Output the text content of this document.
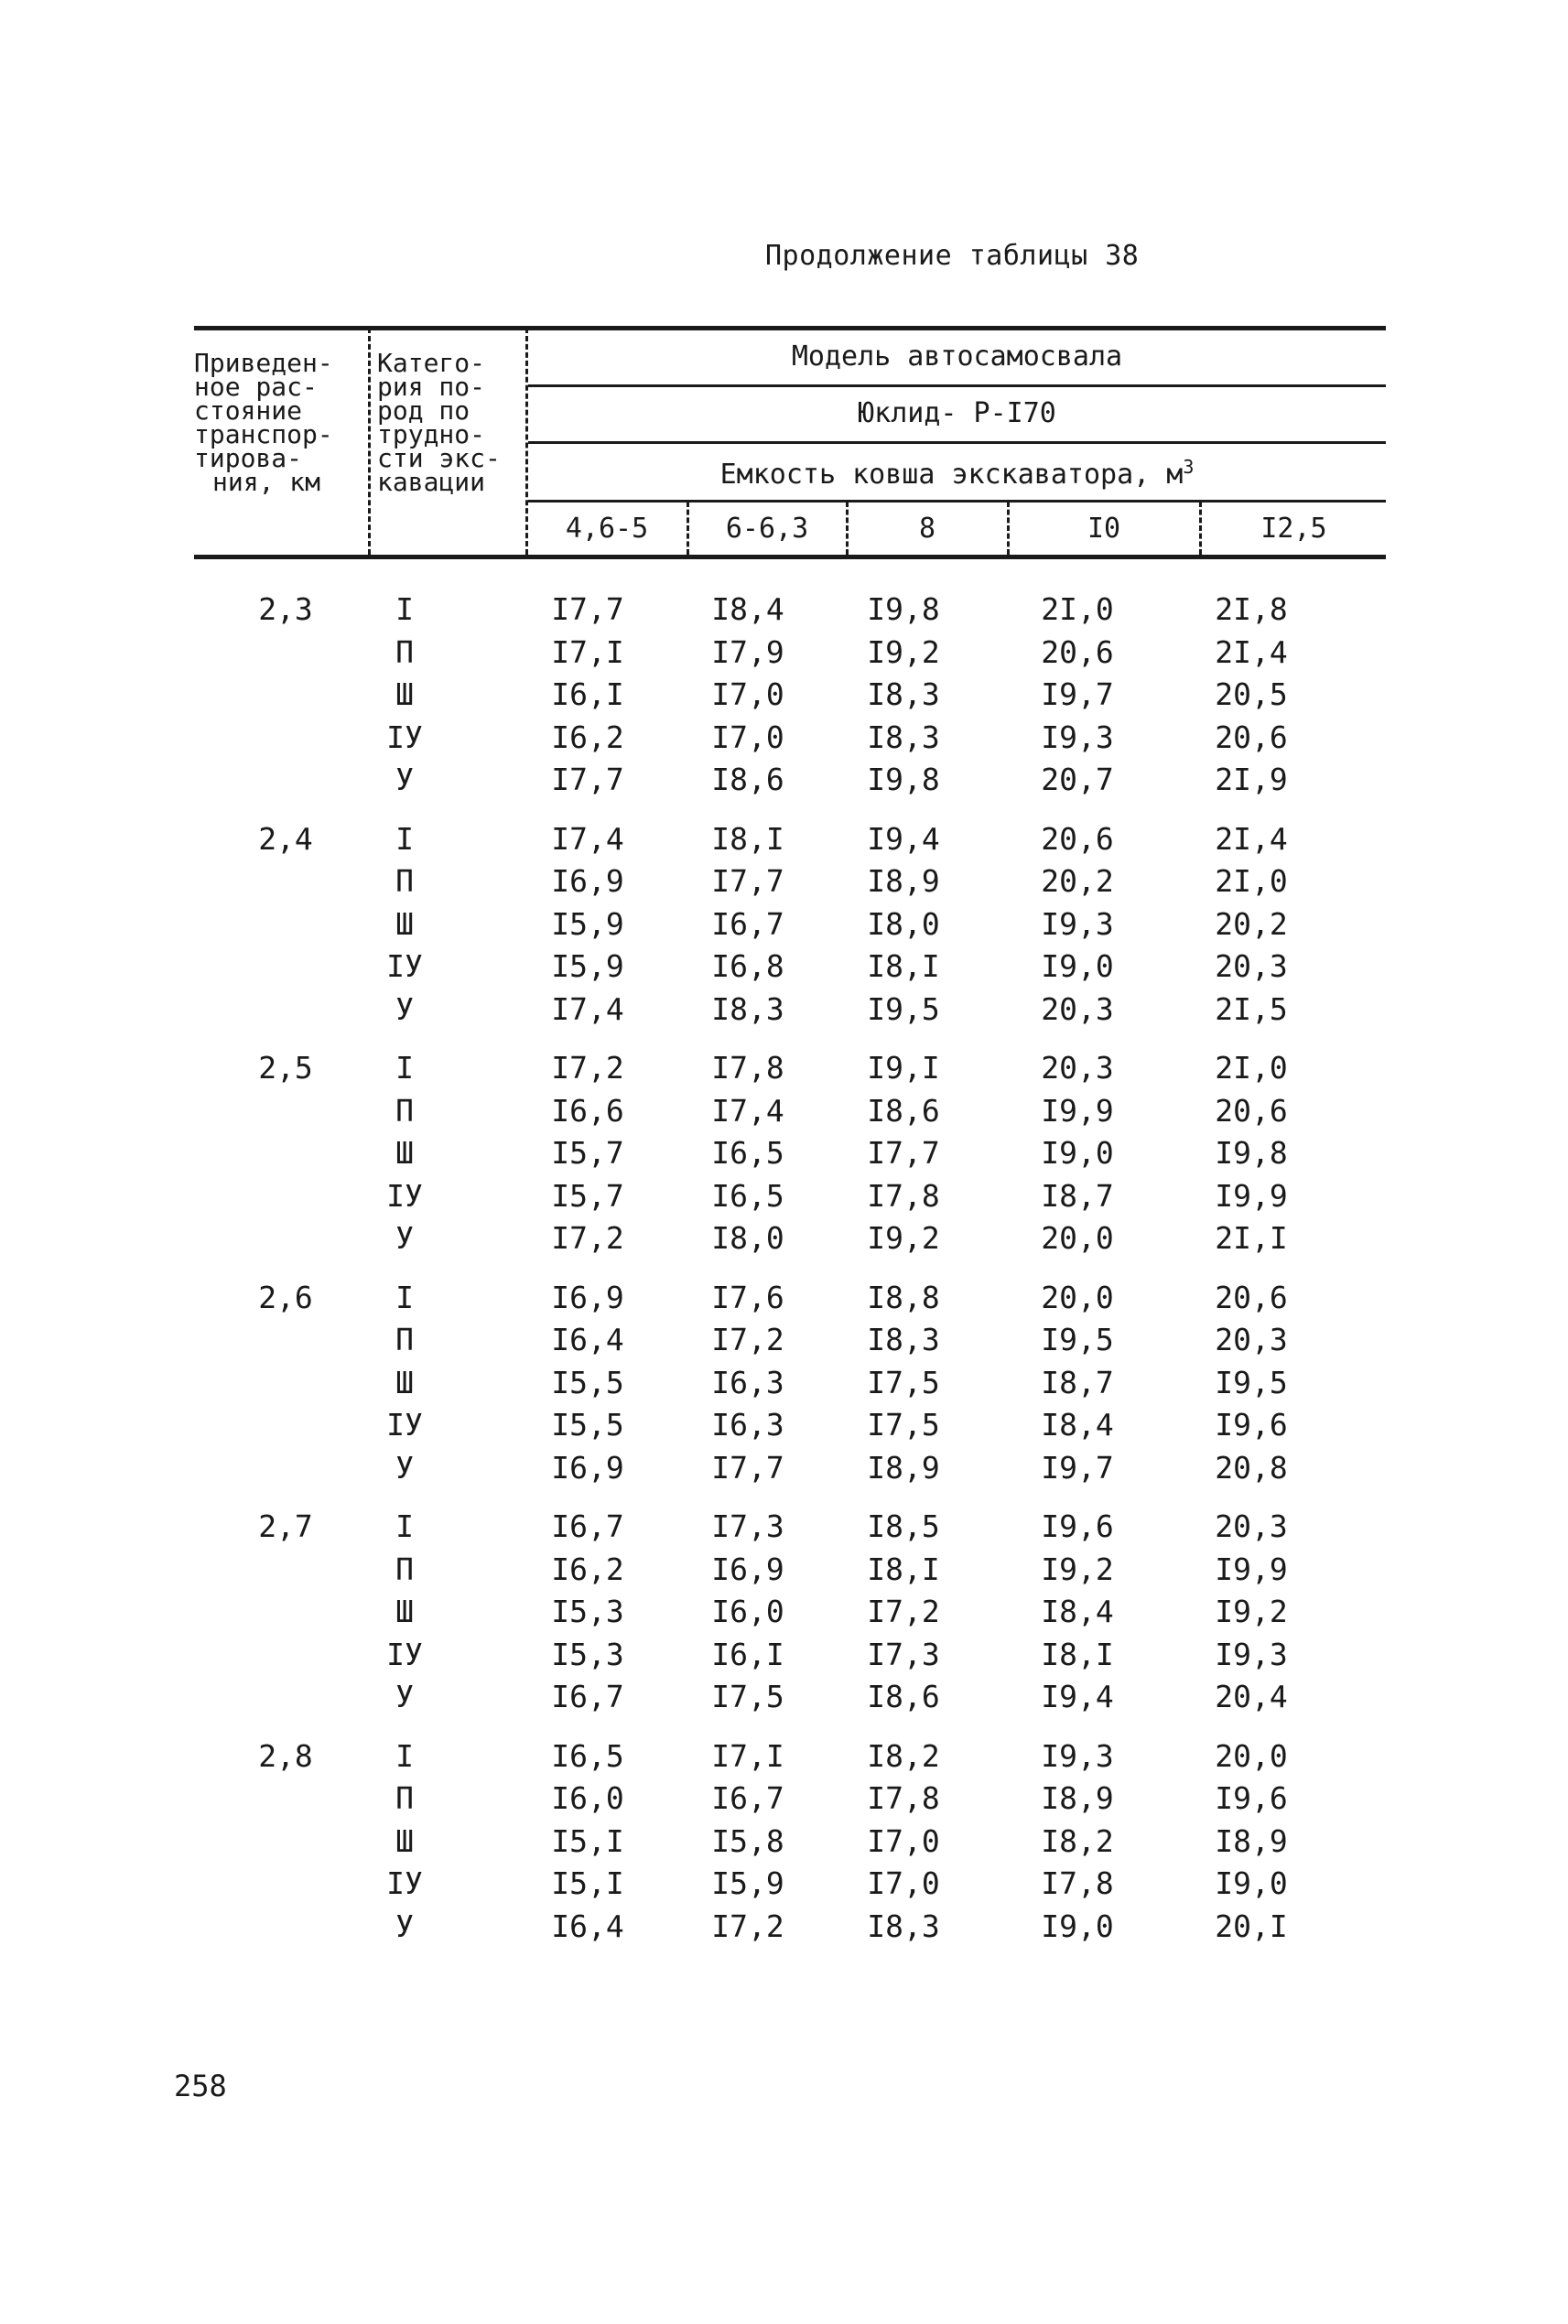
Продолжение таблицы 38
Приведен-
ное рас-
стояние
транспор-
тирова-
ния, км
Катего-
рия по-
род по
трудно-
сти экс-
кавации
Модель автосамосвала
Юклид- Р-I70
Емкость ковша экскаватора, $м^3$
4,6-5	6-6,3	8	I0	I2,5
2,3	I	I7,7	I8,4	I9,8	2I,0	2I,8
П	I7,I	I7,9	I9,2	20,6	2I,4
Ш	I6,I	I7,0	I8,3	I9,7	20,5
ІУ	I6,2	I7,0	I8,3	I9,3	20,6
У	I7,7	I8,6	I9,8	20,7	2I,9
2,4	I	I7,4	I8,I	I9,4	20,6	2I,4
П	I6,9	I7,7	I8,9	20,2	2I,0
Ш	I5,9	I6,7	I8,0	I9,3	20,2
ІУ	I5,9	I6,8	I8,I	I9,0	20,3
У	I7,4	I8,3	I9,5	20,3	2I,5
2,5	I	I7,2	I7,8	I9,I	20,3	2I,0
П	I6,6	I7,4	I8,6	I9,9	20,6
Ш	I5,7	I6,5	I7,7	I9,0	I9,8
ІУ	I5,7	I6,5	I7,8	I8,7	I9,9
У	I7,2	I8,0	I9,2	20,0	2I,I
2,6	I	I6,9	I7,6	I8,8	20,0	20,6
П	I6,4	I7,2	I8,3	I9,5	20,3
Ш	I5,5	I6,3	I7,5	I8,7	I9,5
ІУ	I5,5	I6,3	I7,5	I8,4	I9,6
У	I6,9	I7,7	I8,9	I9,7	20,8
2,7	I	I6,7	I7,3	I8,5	I9,6	20,3
П	I6,2	I6,9	I8,I	I9,2	I9,9
Ш	I5,3	I6,0	I7,2	I8,4	I9,2
ІУ	I5,3	I6,I	I7,3	I8,I	I9,3
У	I6,7	I7,5	I8,6	I9,4	20,4
2,8	I	I6,5	I7,I	I8,2	I9,3	20,0
П	I6,0	I6,7	I7,8	I8,9	I9,6
Ш	I5,I	I5,8	I7,0	I8,2	I8,9
ІУ	I5,I	I5,9	I7,0	I7,8	I9,0
У	I6,4	I7,2	I8,3	I9,0	20,I
258
